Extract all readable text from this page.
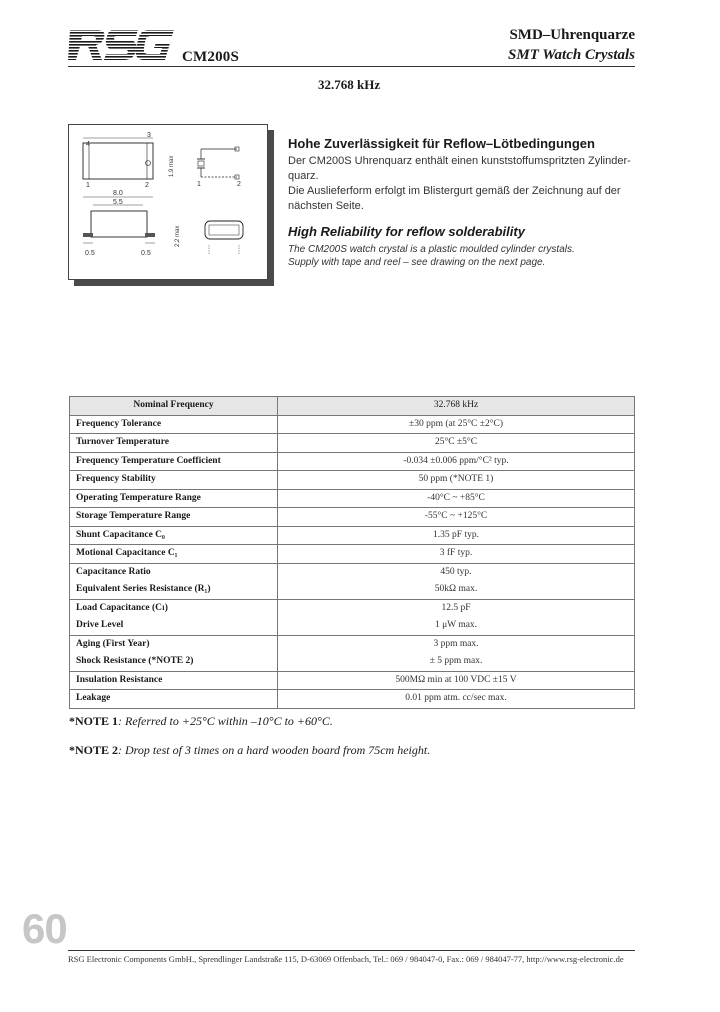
CM200S
SMD–Uhrenquarze
SMT Watch Crystals
32.768 kHz
3
4
1	2
1.9 max
1	2
8.0
5.5
0.5	0.5
2.2 max
Hohe Zuverlässigkeit für Reflow–Lötbedingungen

Der CM200S Uhrenquarz enthält einen kunststoffumspritzten Zylinder-quarz.

Die Auslieferform erfolgt im Blistergurt gemäß der Zeichnung auf der nächsten Seite.

High Reliability for reflow solderability

The CM200S watch crystal is a plastic moulded cylinder crystals.

Supply with tape and reel – see drawing on the next page.

Nominal Frequency	32.768 kHz
Frequency Tolerance	±30 ppm (at 25°C ±2°C)
Turnover Temperature	25°C ±5°C
Frequency Temperature Coefficient	-0.034 ±0.006 ppm/°C² typ.
Frequency Stability	50 ppm (*NOTE 1)
Operating Temperature Range	-40°C ~ +85°C
Storage Temperature Range	-55°C ~ +125°C
Shunt Capacitance C₀	1.35 pF typ.
Motional Capacitance C₁	3 fF typ.
Capacitance Ratio	450 typ.
Equivalent Series Resistance (R₁)	50kΩ max.
Load Capacitance (Cₗ)	12.5 pF
Drive Level	1 μW max.
Aging (First Year)	3 ppm max.
Shock Resistance (*NOTE 2)	± 5 ppm max.
Insulation Resistance	500MΩ min at 100 VDC ±15 V
Leakage	0.01 ppm atm. cc/sec max.
*NOTE 1: Referred to +25°C within –10°C to +60°C.
*NOTE 2: Drop test of 3 times on a hard wooden board from 75cm height.
60
RSG Electronic Components GmbH., Sprendlinger Landstraße 115, D-63069 Offenbach, Tel.: 069 / 984047-0, Fax.: 069 / 984047-77, http://www.rsg-electronic.de
